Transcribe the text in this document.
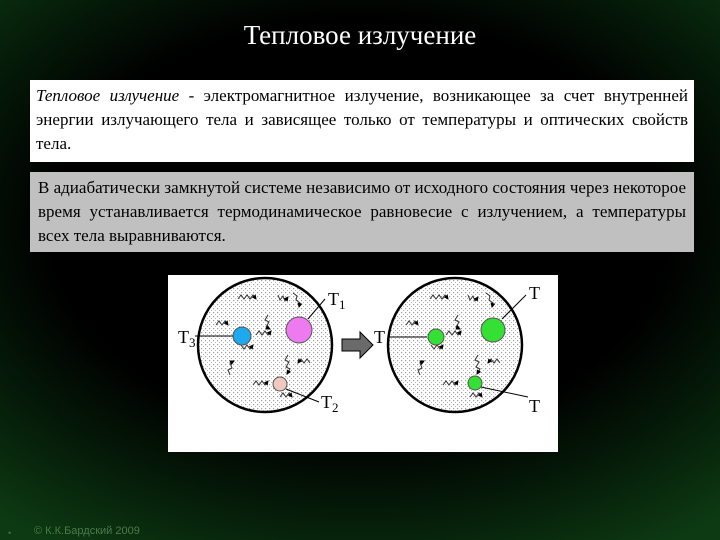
Тепловое излучение
Тепловое излучение - электромагнитное излучение, возникающее за счет внутренней энергии излучающего тела и зависящее только от температуры и оптических свойств тела.
В адиабатически замкнутой системе независимо от исходного состояния через некоторое время устанавливается термодинамическое равновесие с излучением, а температуры всех тела выравниваются.
$T_1$
$T_3$
$T_2$
T
T
T
• © К.К.Бардский 2009
